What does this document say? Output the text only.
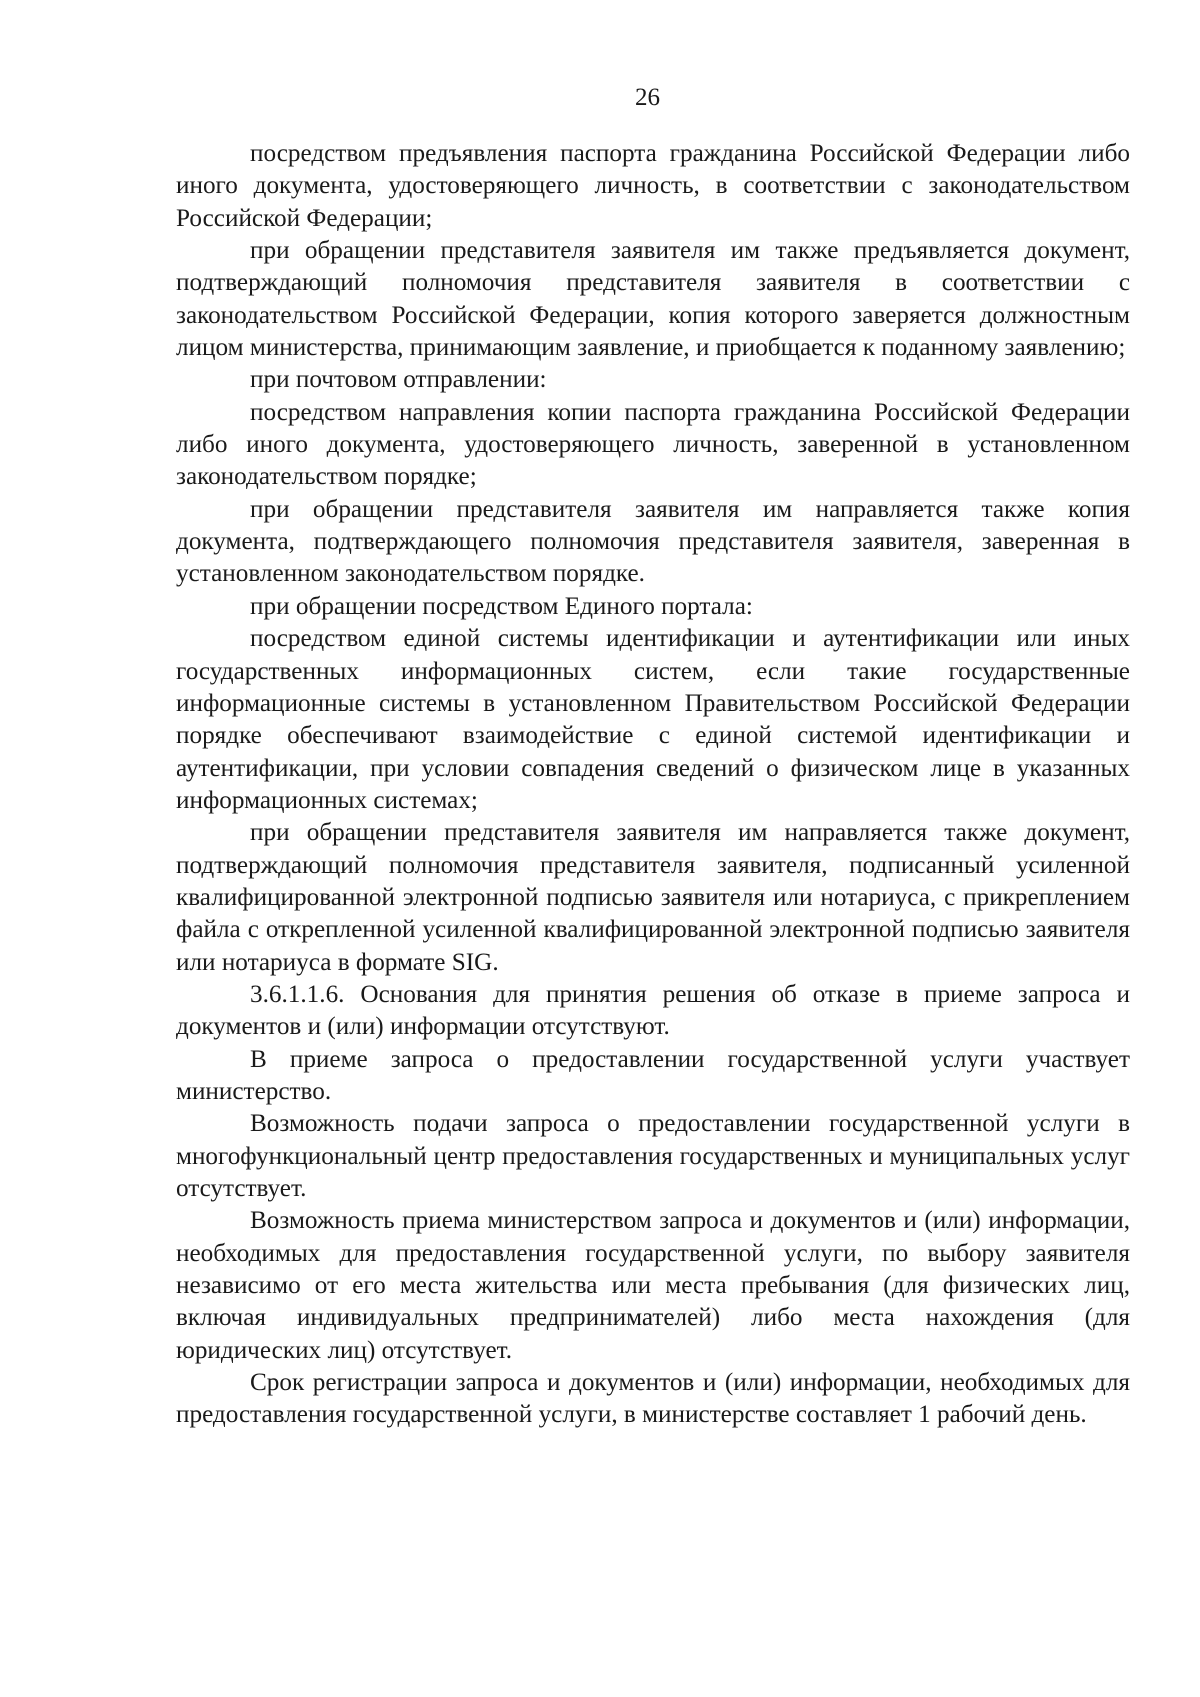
26

посредством предъявления паспорта гражданина Российской Федерации либо иного документа, удостоверяющего личность, в соответствии с законодательством Российской Федерации;

при обращении представителя заявителя им также предъявляется документ, подтверждающий полномочия представителя заявителя в соответствии с законодательством Российской Федерации, копия которого заверяется должностным лицом министерства, принимающим заявление, и приобщается к поданному заявлению;

при почтовом отправлении:

посредством направления копии паспорта гражданина Российской Федерации либо иного документа, удостоверяющего личность, заверенной в установленном законодательством порядке;

при обращении представителя заявителя им направляется также копия документа, подтверждающего полномочия представителя заявителя, заверенная в установленном законодательством порядке.

при обращении посредством Единого портала:

посредством единой системы идентификации и аутентификации или иных государственных информационных систем, если такие государственные информационные системы в установленном Правительством Российской Федерации порядке обеспечивают взаимодействие с единой системой идентификации и аутентификации, при условии совпадения сведений о физическом лице в указанных информационных системах;

при обращении представителя заявителя им направляется также документ, подтверждающий полномочия представителя заявителя, подписанный усиленной квалифицированной электронной подписью заявителя или нотариуса, с прикреплением файла с открепленной усиленной квалифицированной электронной подписью заявителя или нотариуса в формате SIG.

3.6.1.1.6. Основания для принятия решения об отказе в приеме запроса и документов и (или) информации отсутствуют.

В приеме запроса о предоставлении государственной услуги участвует министерство.

Возможность подачи запроса о предоставлении государственной услуги в многофункциональный центр предоставления государственных и муниципальных услуг отсутствует.

Возможность приема министерством запроса и документов и (или) информации, необходимых для предоставления государственной услуги, по выбору заявителя независимо от его места жительства или места пребывания (для физических лиц, включая индивидуальных предпринимателей) либо места нахождения (для юридических лиц) отсутствует.

Срок регистрации запроса и документов и (или) информации, необходимых для предоставления государственной услуги, в министерстве составляет 1 рабочий день.
